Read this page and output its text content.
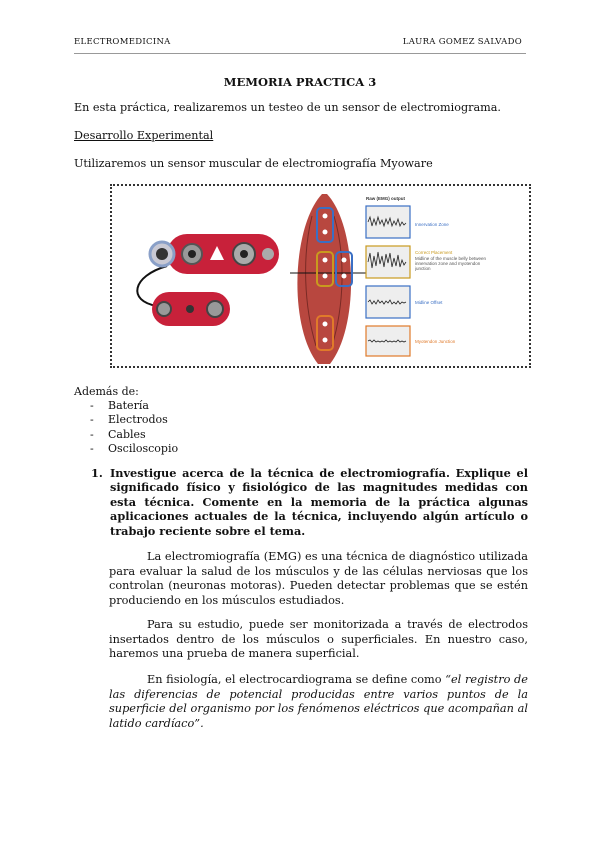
ELECTROMEDICINA	LAURA GOMEZ SALVADO
MEMORIA PRACTICA 3
En esta práctica, realizaremos un testeo de un sensor de electromiograma.
Desarrollo Experimental
Utilizaremos un sensor muscular de electromiografía Myoware
Raw (EMG) output
Innervation Zone
Correct Placement
Midline of the muscle belly between innervation zone and myotendon junction
Midline Offset
Myotendon Junction
Además de:
- Batería
- Electrodos
- Cables
- Osciloscopio
1. Investigue acerca de la técnica de electromiografía. Explique el significado físico y fisiológico de las magnitudes medidas con esta técnica. Comente en la memoria de la práctica algunas aplicaciones actuales de la técnica, incluyendo algún artículo o trabajo reciente sobre el tema.
La electromiografía (EMG) es una técnica de diagnóstico utilizada para evaluar la salud de los músculos y de las células nerviosas que los controlan (neuronas motoras). Pueden detectar problemas que se estén produciendo en los músculos estudiados.
Para su estudio, puede ser monitorizada a través de electrodos insertados dentro de los músculos o superficiales. En nuestro caso, haremos una prueba de manera superficial.
En fisiología, el electrocardiograma se define como “el registro de las diferencias de potencial producidas entre varios puntos de la superficie del organismo por los fenómenos eléctricos que acompañan al latido cardíaco”.
